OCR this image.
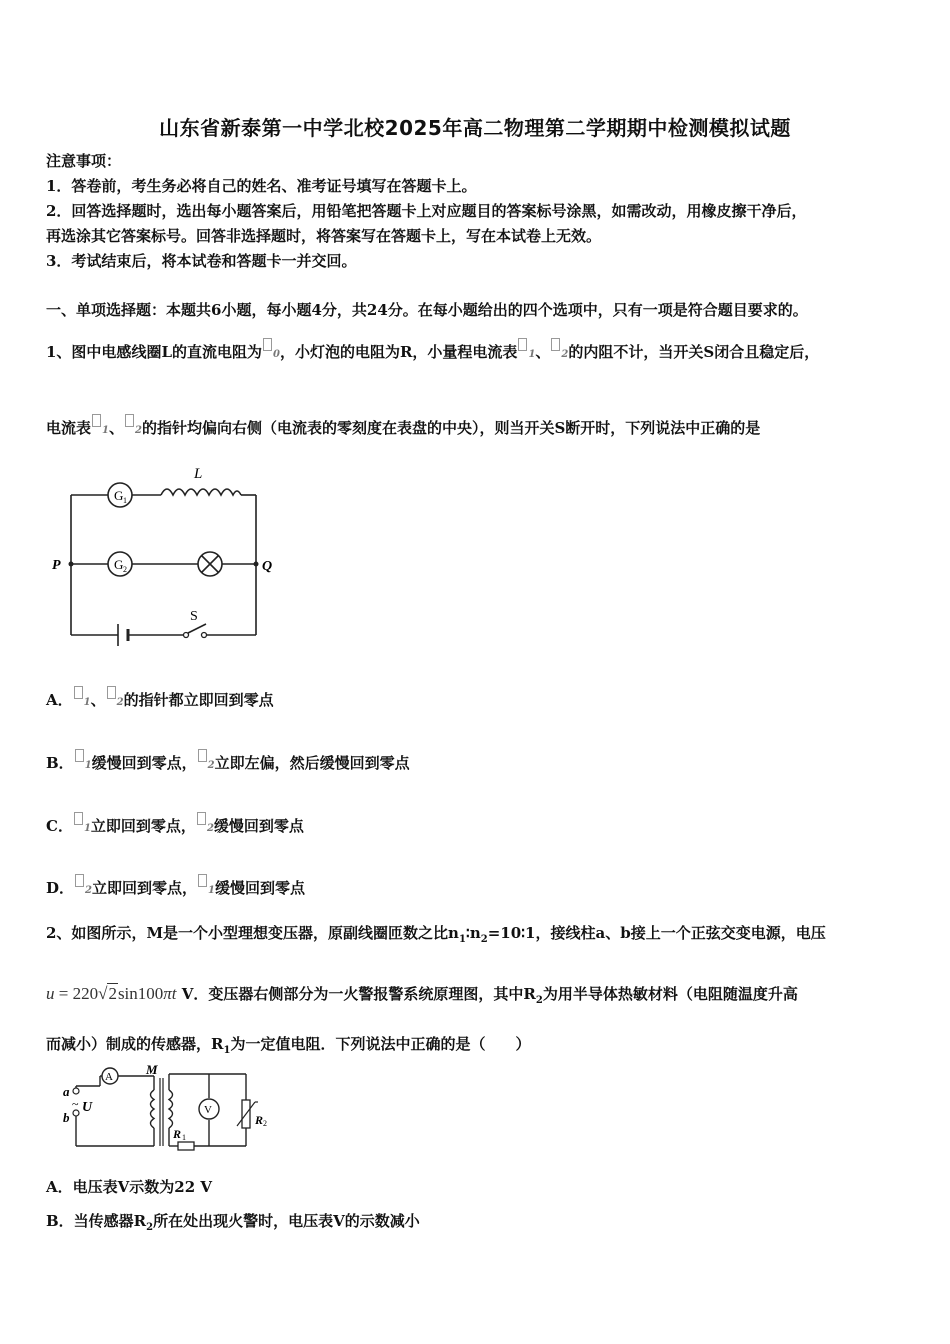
山东省新泰第一中学北校2025年高二物理第二学期期中检测模拟试题
注意事项：
1．答卷前，考生务必将自己的姓名、准考证号填写在答题卡上。
2．回答选择题时，选出每小题答案后，用铅笔把答题卡上对应题目的答案标号涂黑，如需改动，用橡皮擦干净后，
再选涂其它答案标号。回答非选择题时，将答案写在答题卡上，写在本试卷上无效。
3．考试结束后，将本试卷和答题卡一并交回。
一、单项选择题：本题共6小题，每小题4分，共24分。在每小题给出的四个选项中，只有一项是符合题目要求的。
1、图中电感线圈L的直流电阻为 0，小灯泡的电阻为R，小量程电流表 1、 2的内阻不计，当开关S闭合且稳定后，
电流表 1、 2的指针均偏向右侧（电流表的零刻度在表盘的中央），则当开关S断开时，下列说法中正确的是
G 1
L
G 2
P	Q
S
A． 1、 2的指针都立即回到零点
B． 1缓慢回到零点， 2立即左偏，然后缓慢回到零点
C． 1立即回到零点， 2缓慢回到零点
D． 2立即回到零点， 1缓慢回到零点
2、如图所示，M是一个小型理想变压器，原副线圈匝数之比$n_1∶n_2=10∶1$，接线柱a、b接上一个正弦交变电源，电压
u = 220√2sin100πt V．变压器右侧部分为一火警报警系统原理图，其中$R_2$为用半导体热敏材料（电阻随温度升高
而减小）制成的传感器，$R_1$为一定值电阻．下列说法中正确的是（　　）
a
b
~ U
A	M
V
R 1
R 2
A．电压表V示数为22 V
B．当传感器$R_2$所在处出现火警时，电压表V的示数减小
